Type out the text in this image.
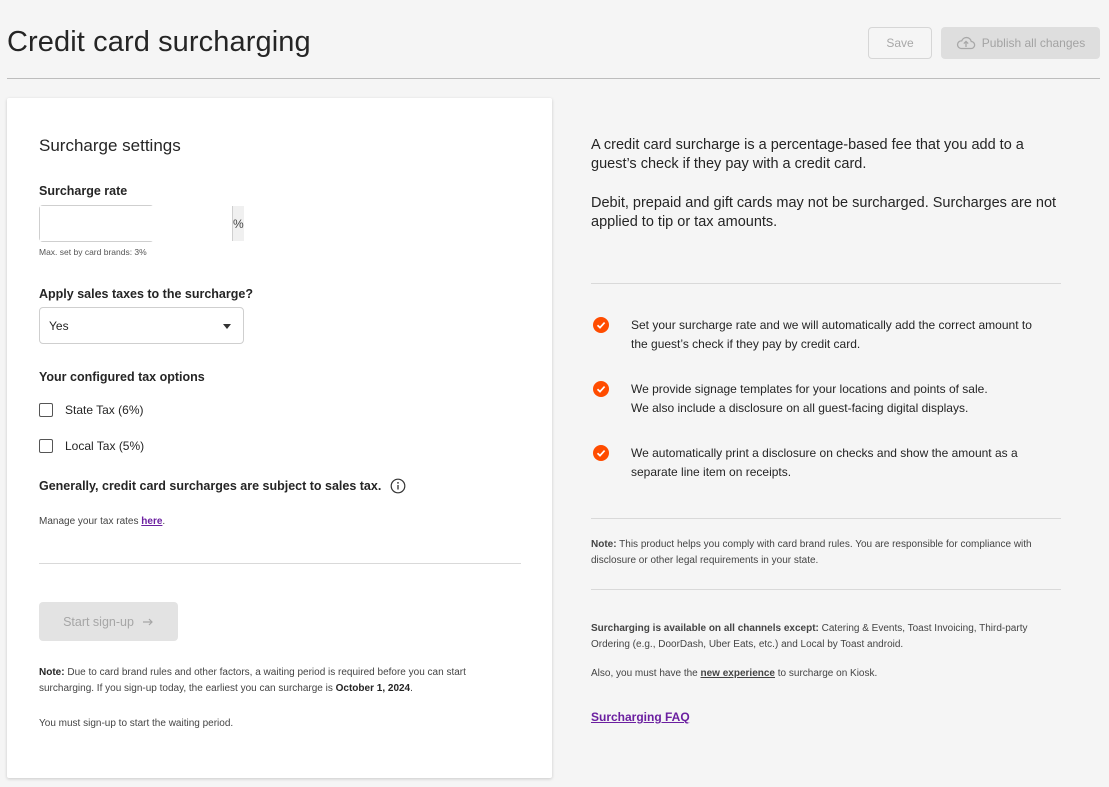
Credit card surcharging	Save	Publish all changes
Surcharge settings
Surcharge rate
%
Max. set by card brands: 3%
Apply sales taxes to the surcharge?
Yes
Your configured tax options
State Tax (6%)
Local Tax (5%)
Generally, credit card surcharges are subject to sales tax.
Manage your tax rates here.
Start sign-up
Note: Due to card brand rules and other factors, a waiting period is required before you can start surcharging. If you sign-up today, the earliest you can surcharge is October 1, 2024.
You must sign-up to start the waiting period.
A credit card surcharge is a percentage-based fee that you add to a guest’s check if they pay with a credit card.
Debit, prepaid and gift cards may not be surcharged. Surcharges are not applied to tip or tax amounts.
Set your surcharge rate and we will automatically add the correct amount to
the guest’s check if they pay by credit card.
We provide signage templates for your locations and points of sale.
We also include a disclosure on all guest-facing digital displays.
We automatically print a disclosure on checks and show the amount as a
separate line item on receipts.
Note: This product helps you comply with card brand rules. You are responsible for compliance with disclosure or other legal requirements in your state.
Surcharging is available on all channels except: Catering & Events, Toast Invoicing, Third-party Ordering (e.g., DoorDash, Uber Eats, etc.) and Local by Toast android.
Also, you must have the new experience to surcharge on Kiosk.
Surcharging FAQ
